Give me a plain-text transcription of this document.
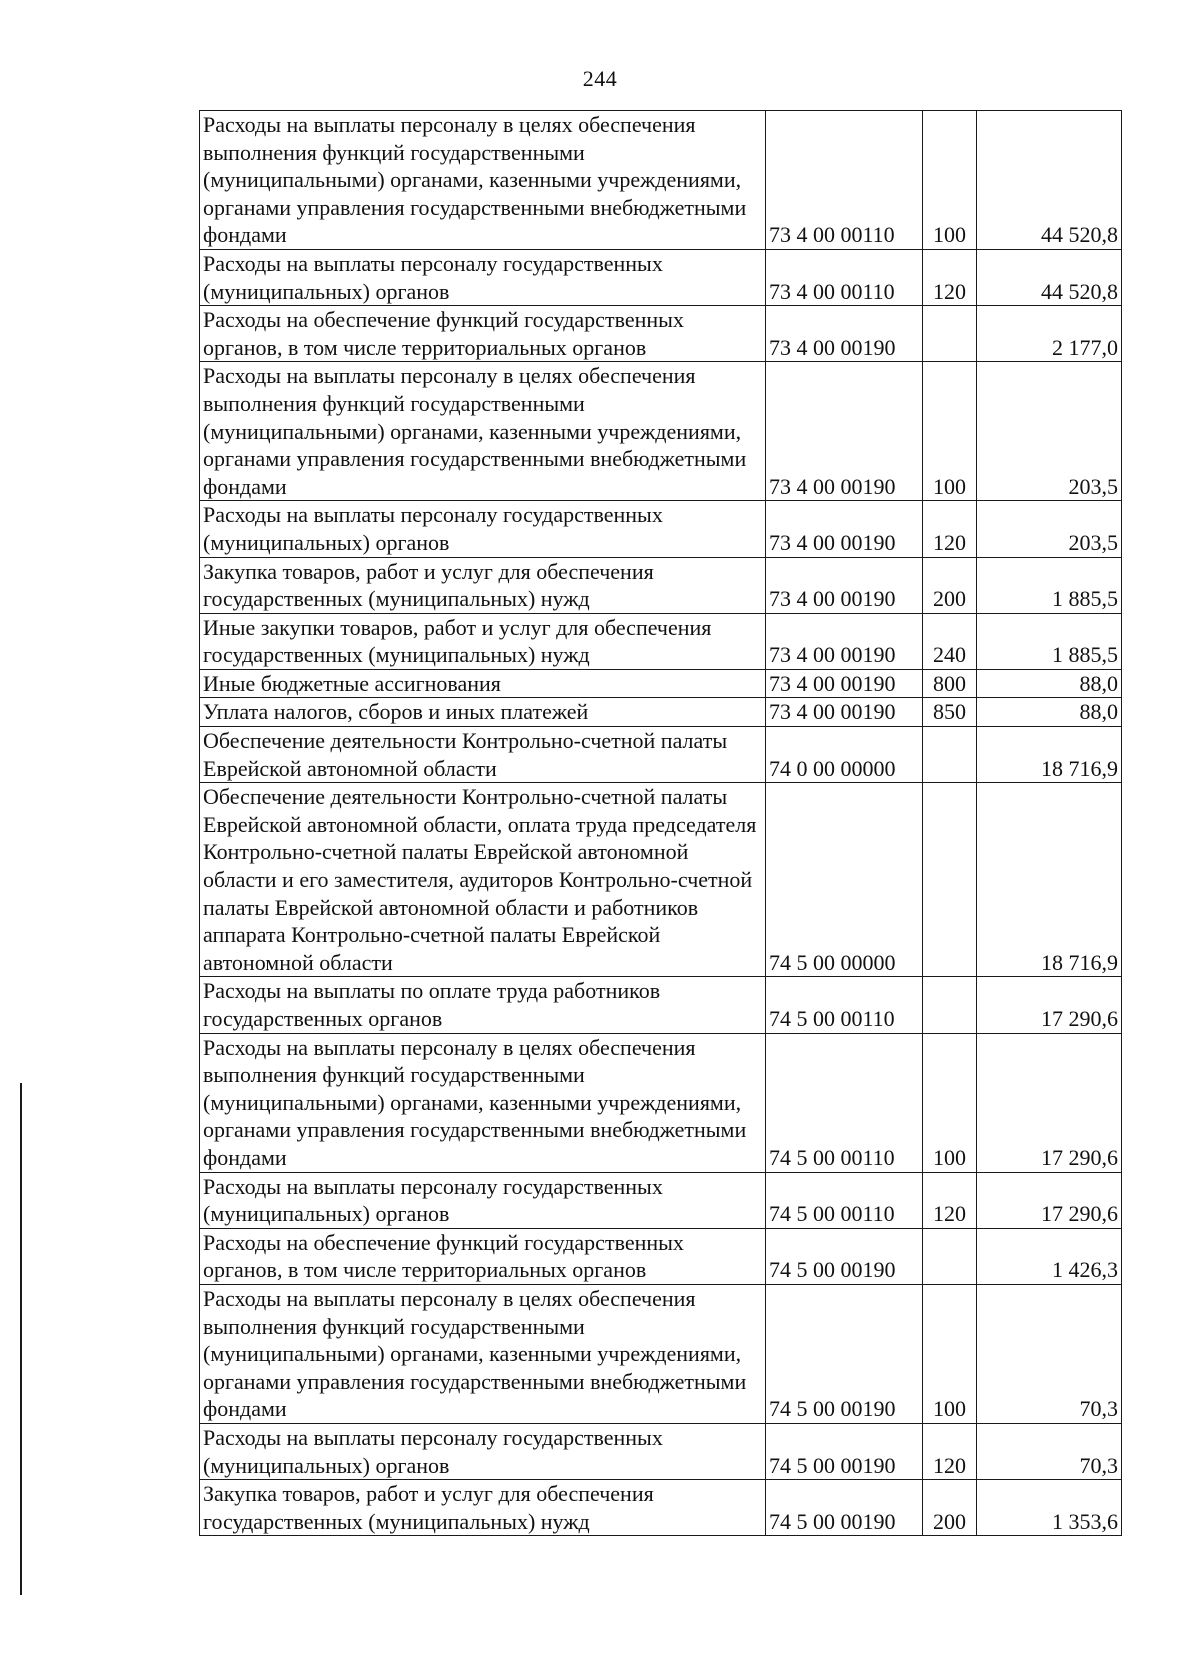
244
Расходы на выплаты персоналу в целях обеспечения выполнения функций государственными (муниципальными) органами, казенными учреждениями, органами управления государственными внебюджетными фондами	73 4 00 00110	100	44 520,8
Расходы на выплаты персоналу государственных (муниципальных) органов	73 4 00 00110	120	44 520,8
Расходы на обеспечение функций государственных органов, в том числе территориальных органов	73 4 00 00190		2 177,0
Расходы на выплаты персоналу в целях обеспечения выполнения функций государственными (муниципальными) органами, казенными учреждениями, органами управления государственными внебюджетными фондами	73 4 00 00190	100	203,5
Расходы на выплаты персоналу государственных (муниципальных) органов	73 4 00 00190	120	203,5
Закупка товаров, работ и услуг для обеспечения государственных (муниципальных) нужд	73 4 00 00190	200	1 885,5
Иные закупки товаров, работ и услуг для обеспечения государственных (муниципальных) нужд	73 4 00 00190	240	1 885,5
Иные бюджетные ассигнования	73 4 00 00190	800	88,0
Уплата налогов, сборов и иных платежей	73 4 00 00190	850	88,0
Обеспечение деятельности Контрольно-счетной палаты Еврейской автономной области	74 0 00 00000		18 716,9
Обеспечение деятельности Контрольно-счетной палаты Еврейской автономной области, оплата труда председателя Контрольно-счетной палаты Еврейской автономной области и его заместителя, аудиторов Контрольно-счетной палаты Еврейской автономной области и работников аппарата Контрольно-счетной палаты Еврейской автономной области	74 5 00 00000		18 716,9
Расходы на выплаты по оплате труда работников государственных органов	74 5 00 00110		17 290,6
Расходы на выплаты персоналу в целях обеспечения выполнения функций государственными (муниципальными) органами, казенными учреждениями, органами управления государственными внебюджетными фондами	74 5 00 00110	100	17 290,6
Расходы на выплаты персоналу государственных (муниципальных) органов	74 5 00 00110	120	17 290,6
Расходы на обеспечение функций государственных органов, в том числе территориальных органов	74 5 00 00190		1 426,3
Расходы на выплаты персоналу в целях обеспечения выполнения функций государственными (муниципальными) органами, казенными учреждениями, органами управления государственными внебюджетными фондами	74 5 00 00190	100	70,3
Расходы на выплаты персоналу государственных (муниципальных) органов	74 5 00 00190	120	70,3
Закупка товаров, работ и услуг для обеспечения государственных (муниципальных) нужд	74 5 00 00190	200	1 353,6
